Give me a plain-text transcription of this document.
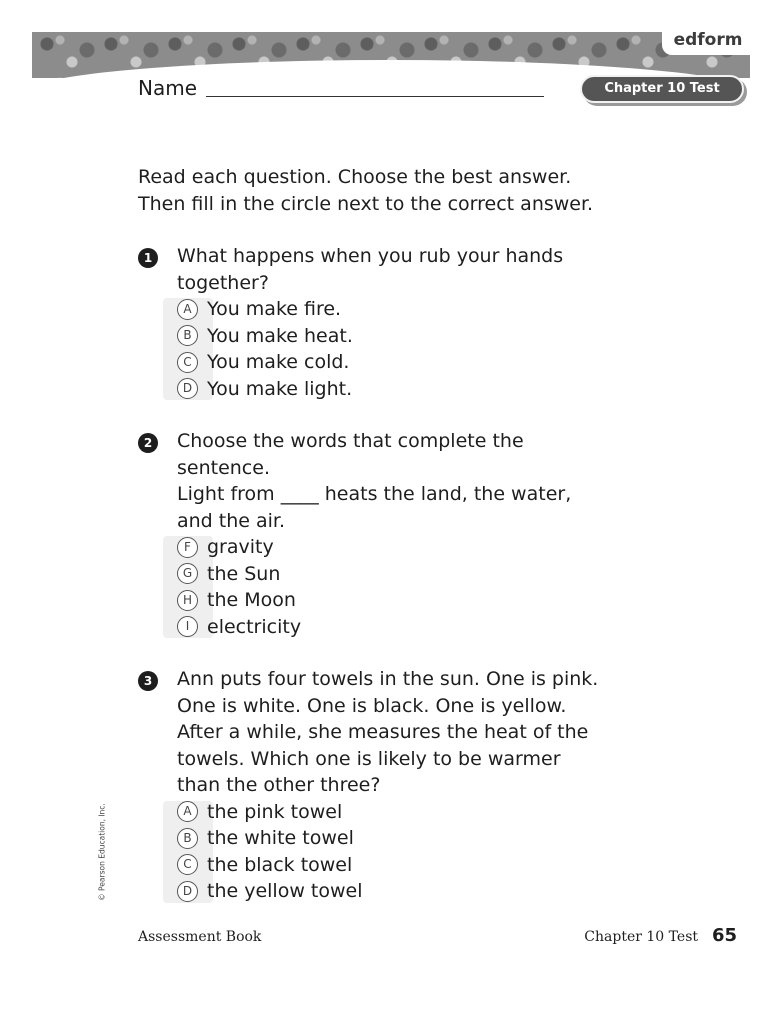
edform
Name	Chapter 10 Test
Read each question. Choose the best answer.
Then fill in the circle next to the correct answer.
1	What happens when you rub your hands
together?
A You make fire.
B You make heat.
C You make cold.
D You make light.
2	Choose the words that complete the
sentence.
Light from ____ heats the land, the water,
and the air.
F gravity
G the Sun
H the Moon
I electricity
3	Ann puts four towels in the sun. One is pink.
One is white. One is black. One is yellow.
After a while, she measures the heat of the
towels. Which one is likely to be warmer
than the other three?
A the pink towel
B the white towel
C the black towel
D the yellow towel
© Pearson Education, Inc.
Assessment Book	Chapter 10 Test 65
